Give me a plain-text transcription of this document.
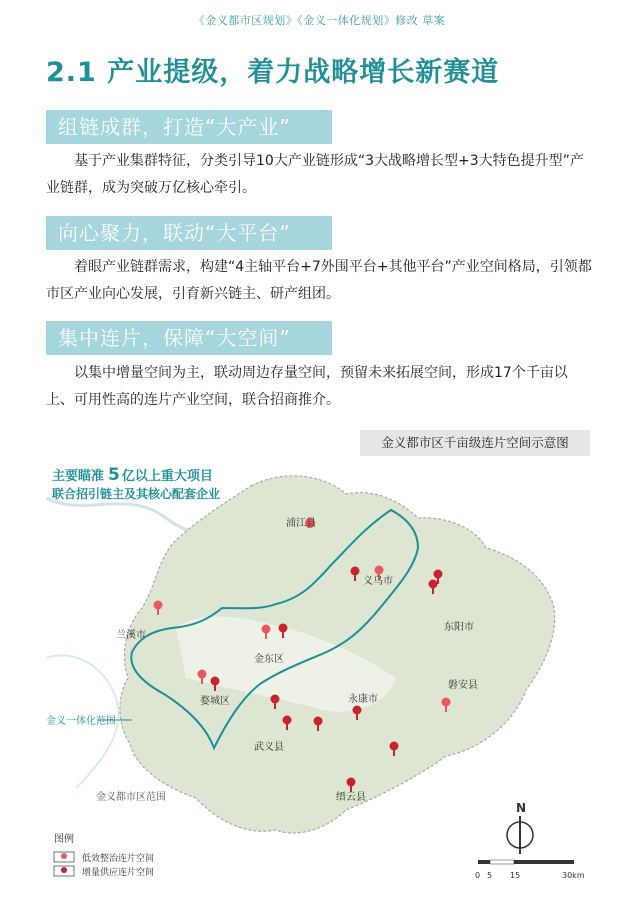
《金义都市区规划》《金义一体化规划》修改 草案
2.1 产业提级，着力战略增长新赛道
组链成群，打造“大产业”
基于产业集群特征，分类引导10大产业链形成“3大战略增长型+3大特色提升型”产业链群，成为突破万亿核心牵引。
向心聚力，联动“大平台”
着眼产业链群需求，构建“4主轴平台+7外围平台+其他平台”产业空间格局，引领都市区产业向心发展，引育新兴链主、研产组团。
集中连片，保障“大空间”
以集中增量空间为主，联动周边存量空间，预留未来拓展空间，形成17个千亩以上、可用性高的连片产业空间，联合招商推介。
金义都市区千亩级连片空间示意图
主要瞄准 5 亿以上重大项目
联合招引链主及其核心配套企业
浦江县
义乌市
东阳市
兰溪市
金东区
婺城区
磐安县
永康市
武义县
缙云县
金义一体化范围
金义都市区范围
图例
低效整治连片空间
增量供应连片空间
N
0 5 15	30km
